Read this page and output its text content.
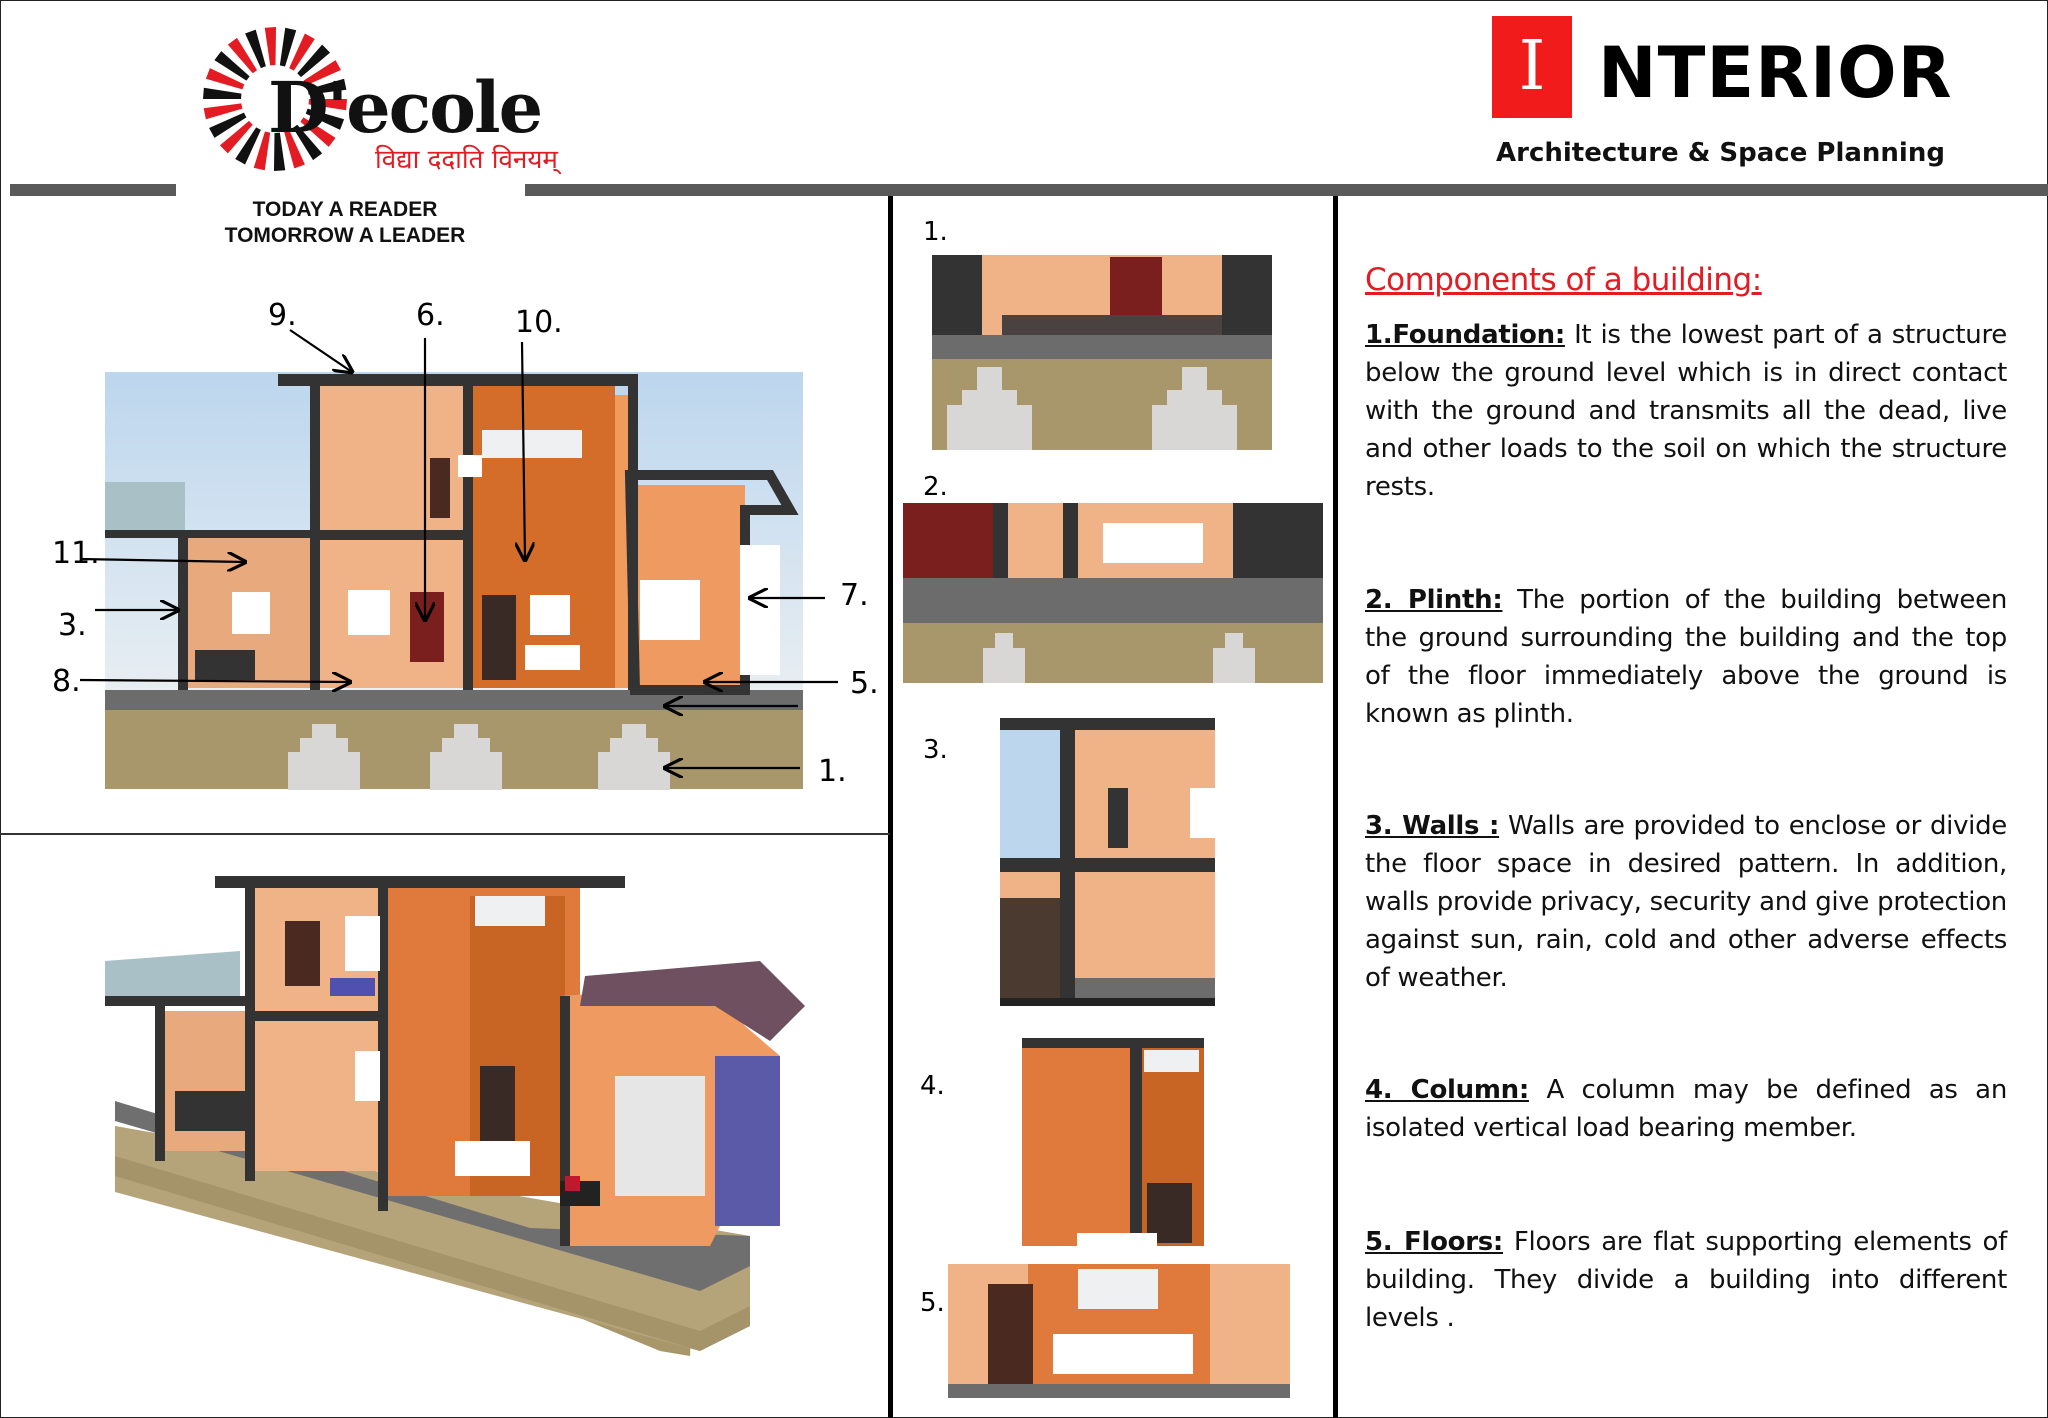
D'ecole
विद्या ददाति विनयम्
TODAY A READER
TOMORROW A LEADER
I NTERIOR
Architecture & Space Planning
9.	6. 10.
11.
3.
8.
7.
5.
1.
1.
2.
3.
4.
5.
Components of a building:

1.Foundation: It is the lowest part of a structure below the ground level which is in direct contact with the ground and transmits all the dead, live and other loads to the soil on which the structure rests.

2. Plinth: The portion of the building between the ground surrounding the building and the top of the floor immediately above the ground is known as plinth.

3. Walls : Walls are provided to enclose or divide the floor space in desired pattern. In addition, walls provide privacy, security and give protection against sun, rain, cold and other adverse effects of weather.

4. Column: A column may be defined as an isolated vertical load bearing member.

5. Floors: Floors are flat supporting elements of building. They divide a building into different levels .
